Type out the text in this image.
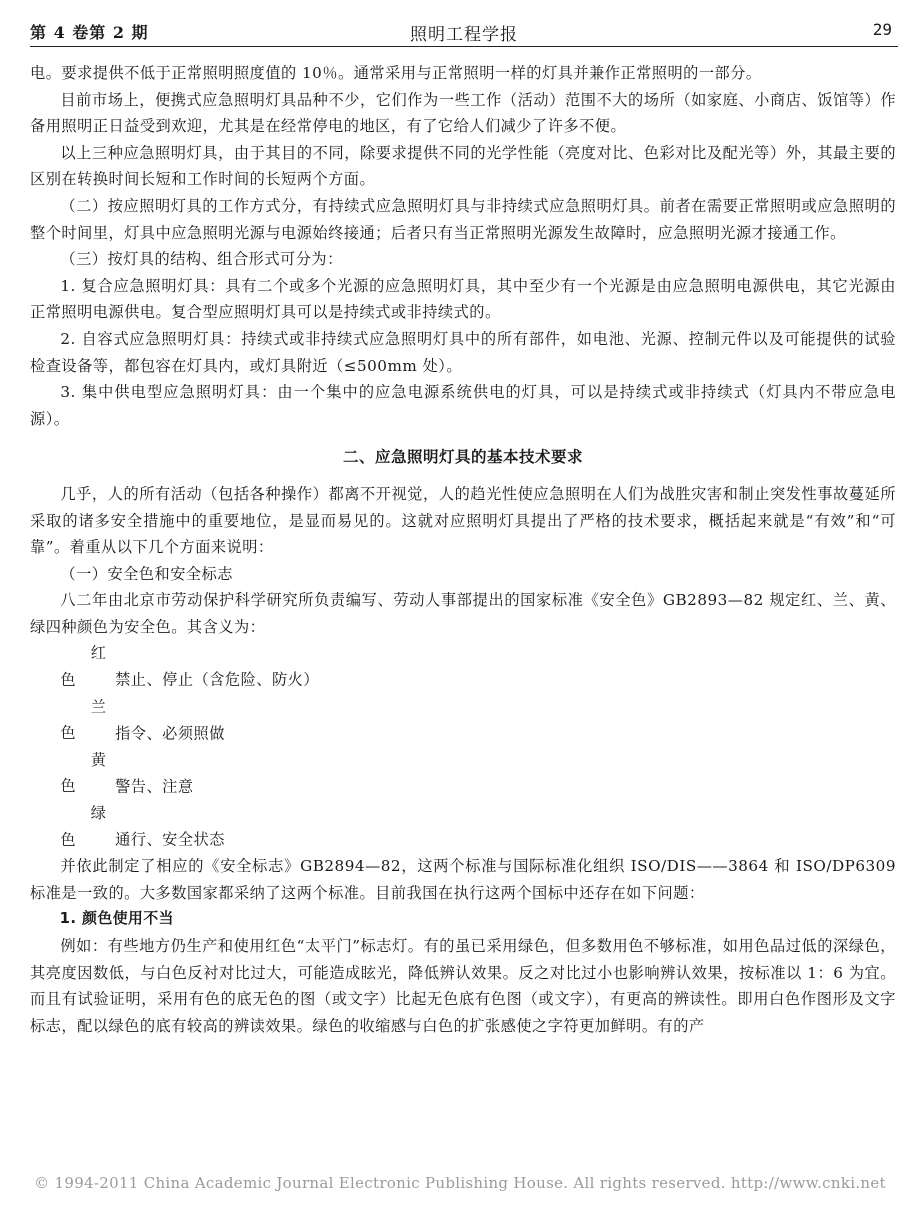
第 4 卷第 2 期	照明工程学报	29

电。要求提供不低于正常照明照度值的 10％。通常采用与正常照明一样的灯具并兼作正常照明的一部分。

目前市场上，便携式应急照明灯具品种不少，它们作为一些工作（活动）范围不大的场所（如家庭、小商店、饭馆等）作备用照明正日益受到欢迎，尤其是在经常停电的地区，有了它给人们减少了许多不便。

以上三种应急照明灯具，由于其目的不同，除要求提供不同的光学性能（亮度对比、色彩对比及配光等）外，其最主要的区别在转换时间长短和工作时间的长短两个方面。

（二）按应照明灯具的工作方式分，有持续式应急照明灯具与非持续式应急照明灯具。前者在需要正常照明或应急照明的整个时间里，灯具中应急照明光源与电源始终接通；后者只有当正常照明光源发生故障时，应急照明光源才接通工作。

（三）按灯具的结构、组合形式可分为：

1. 复合应急照明灯具：具有二个或多个光源的应急照明灯具，其中至少有一个光源是由应急照明电源供电，其它光源由正常照明电源供电。复合型应照明灯具可以是持续式或非持续式的。

2. 自容式应急照明灯具：持续式或非持续式应急照明灯具中的所有部件，如电池、光源、控制元件以及可能提供的试验检查设备等，都包容在灯具内，或灯具附近（≤500mm 处）。

3. 集中供电型应急照明灯具：由一个集中的应急电源系统供电的灯具，可以是持续式或非持续式（灯具内不带应急电源）。

二、应急照明灯具的基本技术要求

几乎，人的所有活动（包括各种操作）都离不开视觉，人的趋光性使应急照明在人们为战胜灾害和制止突发性事故蔓延所采取的诸多安全措施中的重要地位，是显而易见的。这就对应照明灯具提出了严格的技术要求，概括起来就是“有效”和“可靠”。着重从以下几个方面来说明：

（一）安全色和安全标志

八二年由北京市劳动保护科学研究所负责编写、劳动人事部提出的国家标准《安全色》GB2893—82 规定红、兰、黄、绿四种颜色为安全色。其含义为：

红色	禁止、停止（含危险、防火）

兰色	指令、必须照做

黄色	警告、注意

绿色	通行、安全状态

并依此制定了相应的《安全标志》GB2894—82，这两个标准与国际标准化组织 ISO/DIS——3864 和 ISO/DP6309 标准是一致的。大多数国家都采纳了这两个标准。目前我国在执行这两个国标中还存在如下问题：

1. 颜色使用不当

例如：有些地方仍生产和使用红色“太平门”标志灯。有的虽已采用绿色，但多数用色不够标准，如用色品过低的深绿色，其亮度因数低，与白色反衬对比过大，可能造成眩光，降低辨认效果。反之对比过小也影响辨认效果，按标准以 1：6 为宜。而且有试验证明，采用有色的底无色的图（或文字）比起无色底有色图（或文字），有更高的辨读性。即用白色作图形及文字标志，配以绿色的底有较高的辨读效果。绿色的收缩感与白色的扩张感使之字符更加鲜明。有的产

© 1994-2011 China Academic Journal Electronic Publishing House. All rights reserved. http://www.cnki.net
